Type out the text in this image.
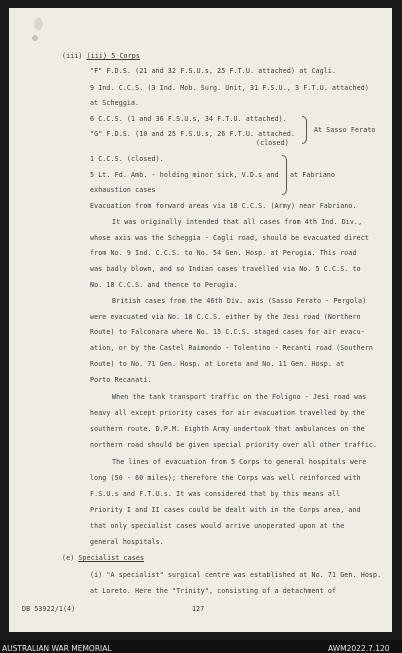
(iii) (iii) 5 Corps
"F" F.D.S. (21 and 32 F.S.U.s, 25 F.T.U. attached) at Cagli.
9 Ind. C.C.S. (3 Ind. Mob. Surg. Unit, 31 F.S.U., 3 F.T.U. attached)
at Scheggia.
6 C.C.S. (1 and 36 F.S.U.s, 34 F.T.U. attached).
"G" F.D.S. (10 and 25 F.S.U.s, 26 F.T.U. attached.
(closed)
At Sasso Ferato
1 C.C.S. (closed).
5 Lt. Fd. Amb. - holding minor sick, V.D.s and
exhaustion cases
at Fabriano
Evacuation from forward areas via 18 C.C.S. (Army) near Fabriano.
It was originally intended that all cases from 4th Ind. Div.,
whose axis was the Scheggia - Cagli road, should be evacuated direct
from No. 9 Ind. C.C.S. to No. 54 Gen. Hosp. at Perugia. This road
was badly blown, and so Indian cases travelled via No. 5 C.C.S. to
No. 18 C.C.S. and thence to Perugia.
British cases from the 46th Div. axis (Sasso Ferato - Pergola)
were evacuated via No. 18 C.C.S. either by the Jesi road (Northern
Route) to Falconara where No. 15 C.C.S. staged cases for air evacu-
ation, or by the Castel Raimondo - Tolentino - Recanti road (Southern
Route) to No. 71 Gen. Hosp. at Loreto and No. 11 Gen. Hosp. at
Porto Recanati.
When the tank transport traffic on the Foligno - Jesi road was
heavy all except priority cases for air evacuation travelled by the
southern route. D.P.M. Eighth Army undertook that ambulances on the
northern road should be given special priority over all other traffic.
The lines of evacuation from 5 Corps to general hospitals were
long (50 - 60 miles); therefore the Corps was well reinforced with
F.S.U.s and F.T.U.s. It was considered that by this means all
Priority I and II cases could be dealt with in the Corps area, and
that only specialist cases would arrive unoperated upon at the
general hospitals.
(e) Specialist cases
(i) "A specialist" surgical centre was established at No. 71 Gen. Hosp.
at Loreto. Here the "Trinity", consisting of a detachment of
DB 53922/1(4)	127
AUSTRALIAN WAR MEMORIAL	AWM2022.7.120
